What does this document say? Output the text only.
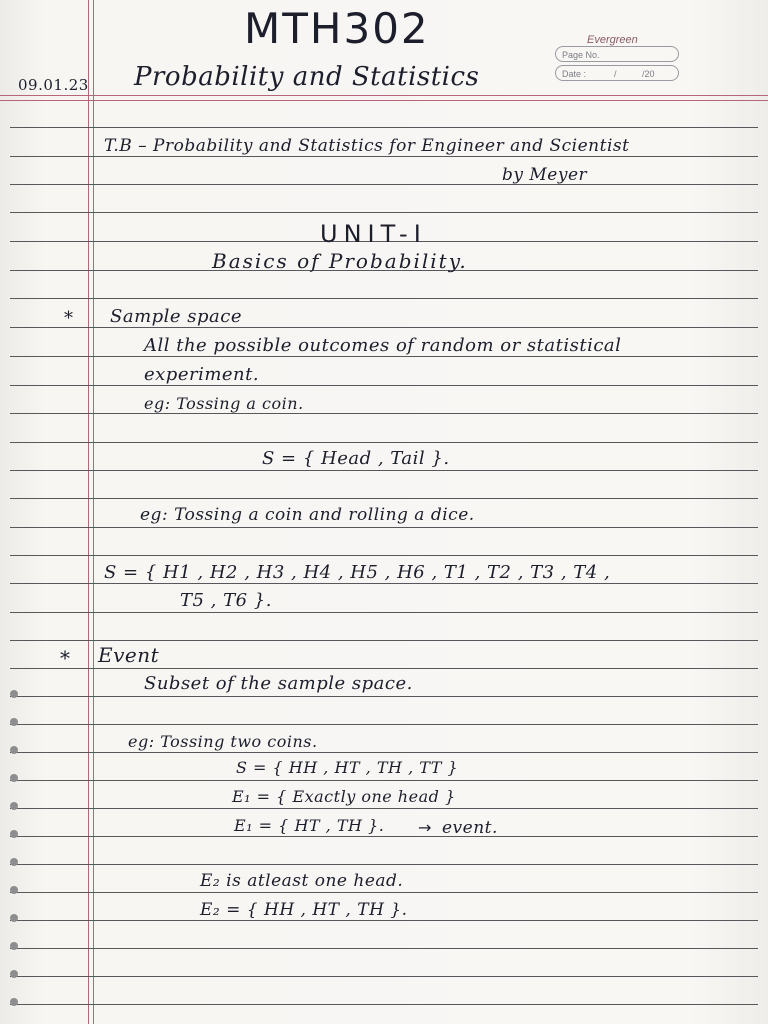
Evergreen
Page No.
Date :	/	/20
MTH302
09.01.23 Probability and Statistics
T.B – Probability and Statistics for Engineer and Scientist
by Meyer
UNIT-I
Basics of Probability.
* Sample space
All the possible outcomes of random or statistical
experiment.
eg: Tossing a coin.
S = { Head , Tail }.
eg: Tossing a coin and rolling a dice.
S = { H1 , H2 , H3 , H4 , H5 , H6 , T1 , T2 , T3 , T4 ,
T5 , T6 }.
* Event
Subset of the sample space.
eg: Tossing two coins.
S = { HH , HT , TH , TT }
E₁ = { Exactly one head }
E₁ = { HT , TH }. → event.
E₂ is atleast one head.
E₂ = { HH , HT , TH }.
